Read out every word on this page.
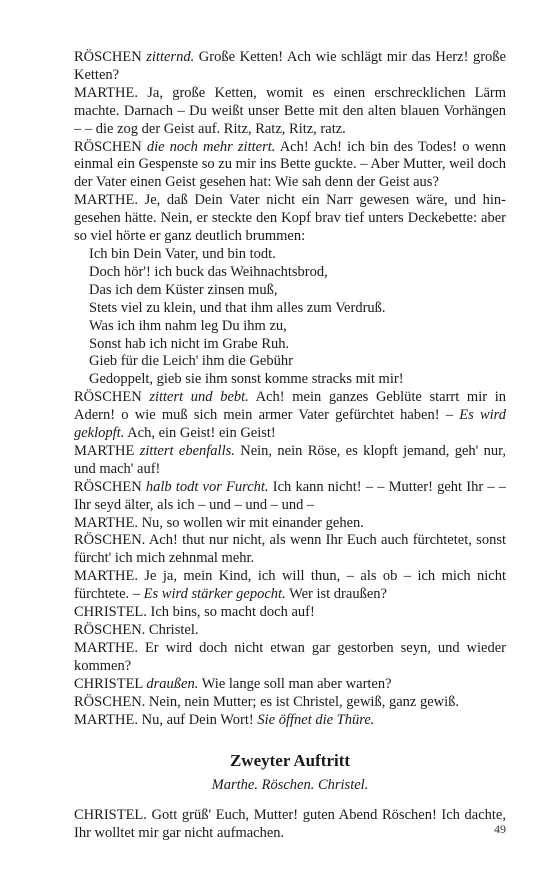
RÖSCHEN zitternd. Große Ketten! Ach wie schlägt mir das Herz! große Ketten?

MARTHE. Ja, große Ketten, womit es einen erschrecklichen Lärm machte. Darnach – Du weißt unser Bette mit den alten blauen Vorhängen – – die zog der Geist auf. Ritz, Ratz, Ritz, ratz.

RÖSCHEN die noch mehr zittert. Ach! Ach! ich bin des Todes! o wenn einmal ein Gespenste so zu mir ins Bette guckte. – Aber Mutter, weil doch der Vater einen Geist gesehen hat: Wie sah denn der Geist aus?

MARTHE. Je, daß Dein Vater nicht ein Narr gewesen wäre, und hingesehen hätte. Nein, er steckte den Kopf brav tief unters Deckebette: aber so viel hörte er ganz deutlich brummen:

Ich bin Dein Vater, und bin todt.
Doch hör'! ich buck das Weihnachtsbrod,
Das ich dem Küster zinsen muß,
Stets viel zu klein, und that ihm alles zum Verdruß.
Was ich ihm nahm leg Du ihm zu,
Sonst hab ich nicht im Grabe Ruh.
Gieb für die Leich' ihm die Gebühr
Gedoppelt, gieb sie ihm sonst komme stracks mit mir!

RÖSCHEN zittert und bebt. Ach! mein ganzes Geblüte starrt mir in Adern! o wie muß sich mein armer Vater gefürchtet haben! – Es wird geklopft. Ach, ein Geist! ein Geist!

MARTHE zittert ebenfalls. Nein, nein Röse, es klopft jemand, geh' nur, und mach' auf!

RÖSCHEN halb todt vor Furcht. Ich kann nicht! – – Mutter! geht Ihr – – Ihr seyd älter, als ich – und – und – und –

MARTHE. Nu, so wollen wir mit einander gehen.

RÖSCHEN. Ach! thut nur nicht, als wenn Ihr Euch auch fürchtetet, sonst fürcht' ich mich zehnmal mehr.

MARTHE. Je ja, mein Kind, ich will thun, – als ob – ich mich nicht fürchtete. – Es wird stärker gepocht. Wer ist draußen?

CHRISTEL. Ich bins, so macht doch auf!

RÖSCHEN. Christel.

MARTHE. Er wird doch nicht etwan gar gestorben seyn, und wieder kommen?

CHRISTEL draußen. Wie lange soll man aber warten?

RÖSCHEN. Nein, nein Mutter; es ist Christel, gewiß, ganz gewiß.

MARTHE. Nu, auf Dein Wort! Sie öffnet die Thüre.

Zweyter Auftritt

Marthe. Röschen. Christel.

CHRISTEL. Gott grüß' Euch, Mutter! guten Abend Röschen! Ich dachte, Ihr wolltet mir gar nicht aufmachen.	49
